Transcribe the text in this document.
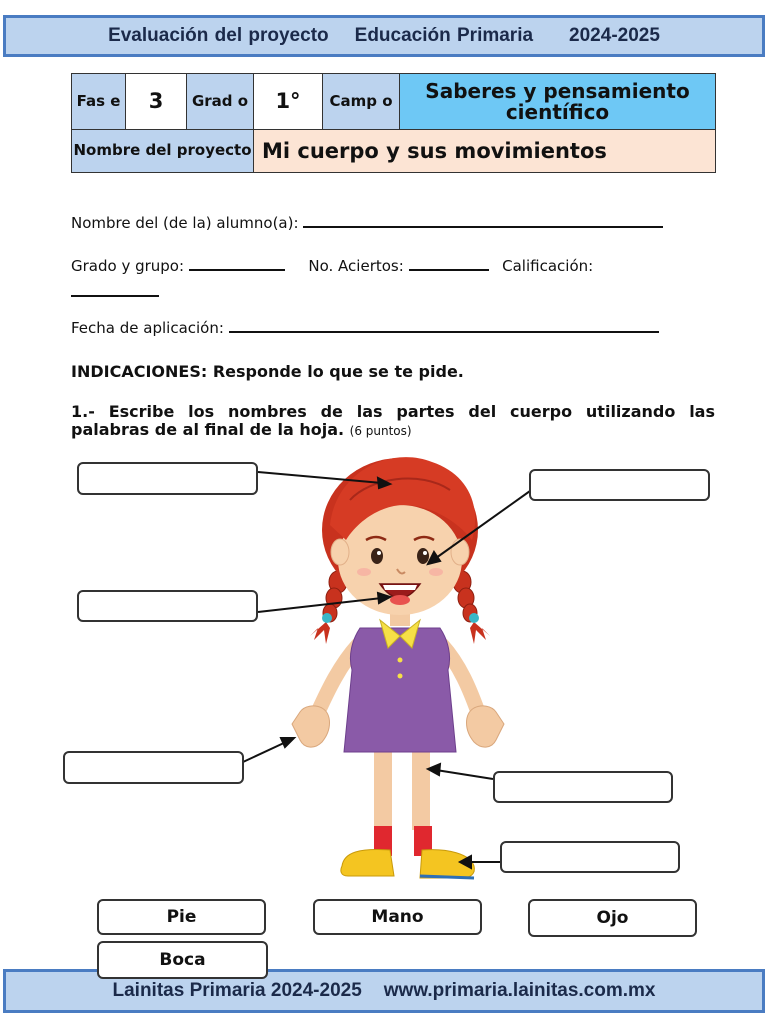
Evaluación del proyecto Educación Primaria 2024-2025
Fas e	3	Grad o	1°	Camp o	Saberes y pensamiento científico
Nombre del proyecto			Mi cuerpo y sus movimientos		
Nombre del (de la) alumno(a):
Grado y grupo:	No. Aciertos:	Calificación:
Fecha de aplicación:
INDICACIONES: Responde lo que se te pide.
1.- Escribe los nombres de las partes del cuerpo utilizando las palabras de al final de la hoja. (6 puntos)
Pie	Mano	Ojo
Boca
Lainitas Primaria 2024-2025 www.primaria.lainitas.com.mx
